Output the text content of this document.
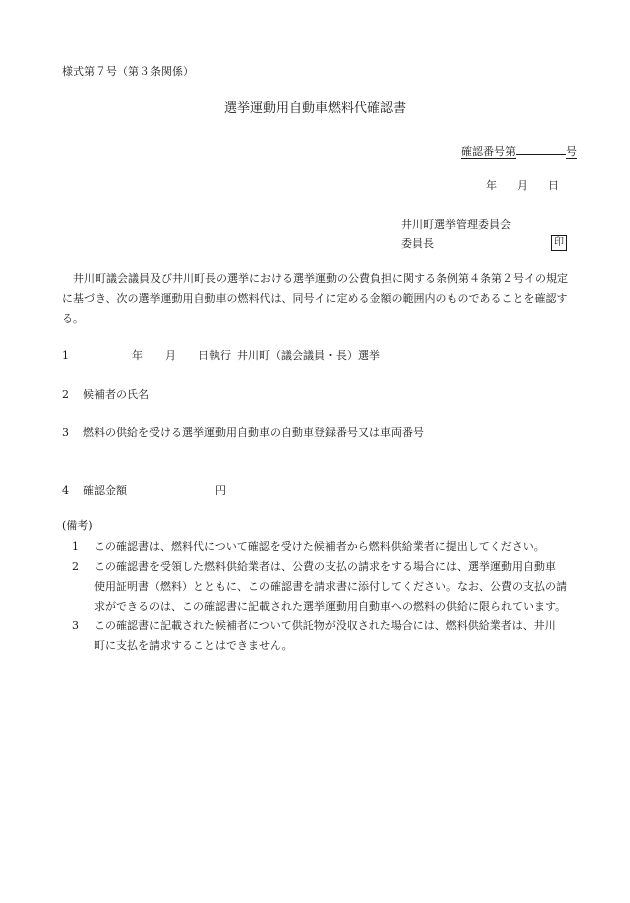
様式第７号（第３条関係）
選挙運動用自動車燃料代確認書
確認番号第	号
年 月 日
井川町選挙管理委員会
委員長	印
井川町議会議員及び井川町長の選挙における選挙運動の公費負担に関する条例第４条第２号イの規定に基づき、次の選挙運動用自動車の燃料代は、同号イに定める金額の範囲内のものであることを確認する。
1	年 月 日執行 井川町（議会議員・長）選挙
2 候補者の氏名
3 燃料の供給を受ける選挙運動用自動車の自動車登録番号又は車両番号
4 確認金額	円
(備考)
1 この確認書は、燃料代について確認を受けた候補者から燃料供給業者に提出してください。
2 この確認書を受領した燃料供給業者は、公費の支払の請求をする場合には、選挙運動用自動車
使用証明書（燃料）とともに、この確認書を請求書に添付してください。なお、公費の支払の請
求ができるのは、この確認書に記載された選挙運動用自動車への燃料の供給に限られています。
3 この確認書に記載された候補者について供託物が没収された場合には、燃料供給業者は、井川
町に支払を請求することはできません。
